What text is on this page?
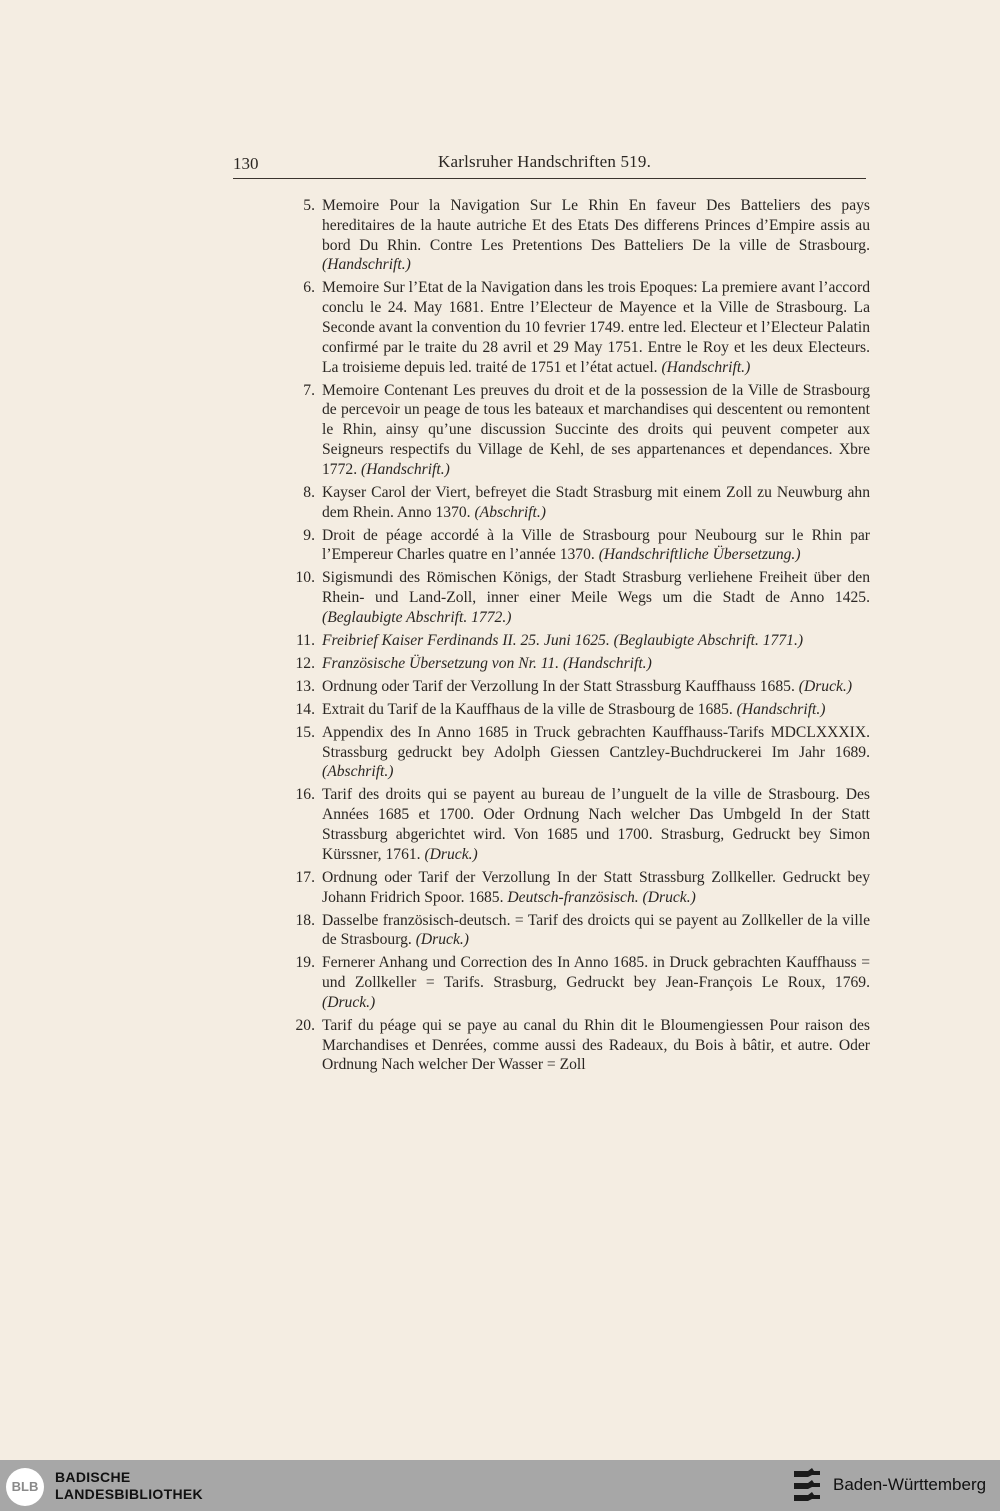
130	Karlsruher Handschriften 519.
5. Memoire Pour la Navigation Sur Le Rhin En faveur Des Batteliers des pays hereditaires de la haute autriche Et des Etats Des differens Princes d’Empire assis au bord Du Rhin. Contre Les Pretentions Des Batteliers De la ville de Strasbourg. (Handschrift.)
6. Memoire Sur l’Etat de la Navigation dans les trois Epoques: La premiere avant l’accord conclu le 24. May 1681. Entre l’Electeur de Mayence et la Ville de Strasbourg. La Seconde avant la convention du 10 fevrier 1749. entre led. Electeur et l’Electeur Palatin confirmé par le traite du 28 avril et 29 May 1751. Entre le Roy et les deux Electeurs. La troisieme depuis led. traité de 1751 et l’état actuel. (Handschrift.)
7. Memoire Contenant Les preuves du droit et de la possession de la Ville de Strasbourg de percevoir un peage de tous les bateaux et marchandises qui descentent ou remontent le Rhin, ainsy qu’une discussion Succinte des droits qui peuvent competer aux Seigneurs respectifs du Village de Kehl, de ses appartenances et dependances. Xbre 1772. (Handschrift.)
8. Kayser Carol der Viert, befreyet die Stadt Strasburg mit einem Zoll zu Neuwburg ahn dem Rhein. Anno 1370. (Abschrift.)
9. Droit de péage accordé à la Ville de Strasbourg pour Neubourg sur le Rhin par l’Empereur Charles quatre en l’année 1370. (Handschriftliche Übersetzung.)
10. Sigismundi des Römischen Königs, der Stadt Strasburg verliehene Freiheit über den Rhein- und Land-Zoll, inner einer Meile Wegs um die Stadt de Anno 1425. (Beglaubigte Abschrift. 1772.)
11. Freibrief Kaiser Ferdinands II. 25. Juni 1625. (Beglaubigte Abschrift. 1771.)
12. Französische Übersetzung von Nr. 11. (Handschrift.)
13. Ordnung oder Tarif der Verzollung In der Statt Strassburg Kauffhauss 1685. (Druck.)
14. Extrait du Tarif de la Kauffhaus de la ville de Strasbourg de 1685. (Handschrift.)
15. Appendix des In Anno 1685 in Truck gebrachten Kauffhauss-Tarifs MDCLXXXIX. Strassburg gedruckt bey Adolph Giessen Cantzley-Buchdruckerei Im Jahr 1689. (Abschrift.)
16. Tarif des droits qui se payent au bureau de l’unguelt de la ville de Strasbourg. Des Années 1685 et 1700. Oder Ordnung Nach welcher Das Umbgeld In der Statt Strassburg abgerichtet wird. Von 1685 und 1700. Strasburg, Gedruckt bey Simon Kürssner, 1761. (Druck.)
17. Ordnung oder Tarif der Verzollung In der Statt Strassburg Zollkeller. Gedruckt bey Johann Fridrich Spoor. 1685. Deutsch-französisch. (Druck.)
18. Dasselbe französisch-deutsch. = Tarif des droicts qui se payent au Zollkeller de la ville de Strasbourg. (Druck.)
19. Fernerer Anhang und Correction des In Anno 1685. in Druck gebrachten Kauffhauss = und Zollkeller = Tarifs. Strasburg, Gedruckt bey Jean-François Le Roux, 1769. (Druck.)
20. Tarif du péage qui se paye au canal du Rhin dit le Bloumengiessen Pour raison des Marchandises et Denrées, comme aussi des Radeaux, du Bois à bâtir, et autre. Oder Ordnung Nach welcher Der Wasser = Zoll
BLB
BADISCHE
LANDESBIBLIOTHEK	Baden-Württemberg
